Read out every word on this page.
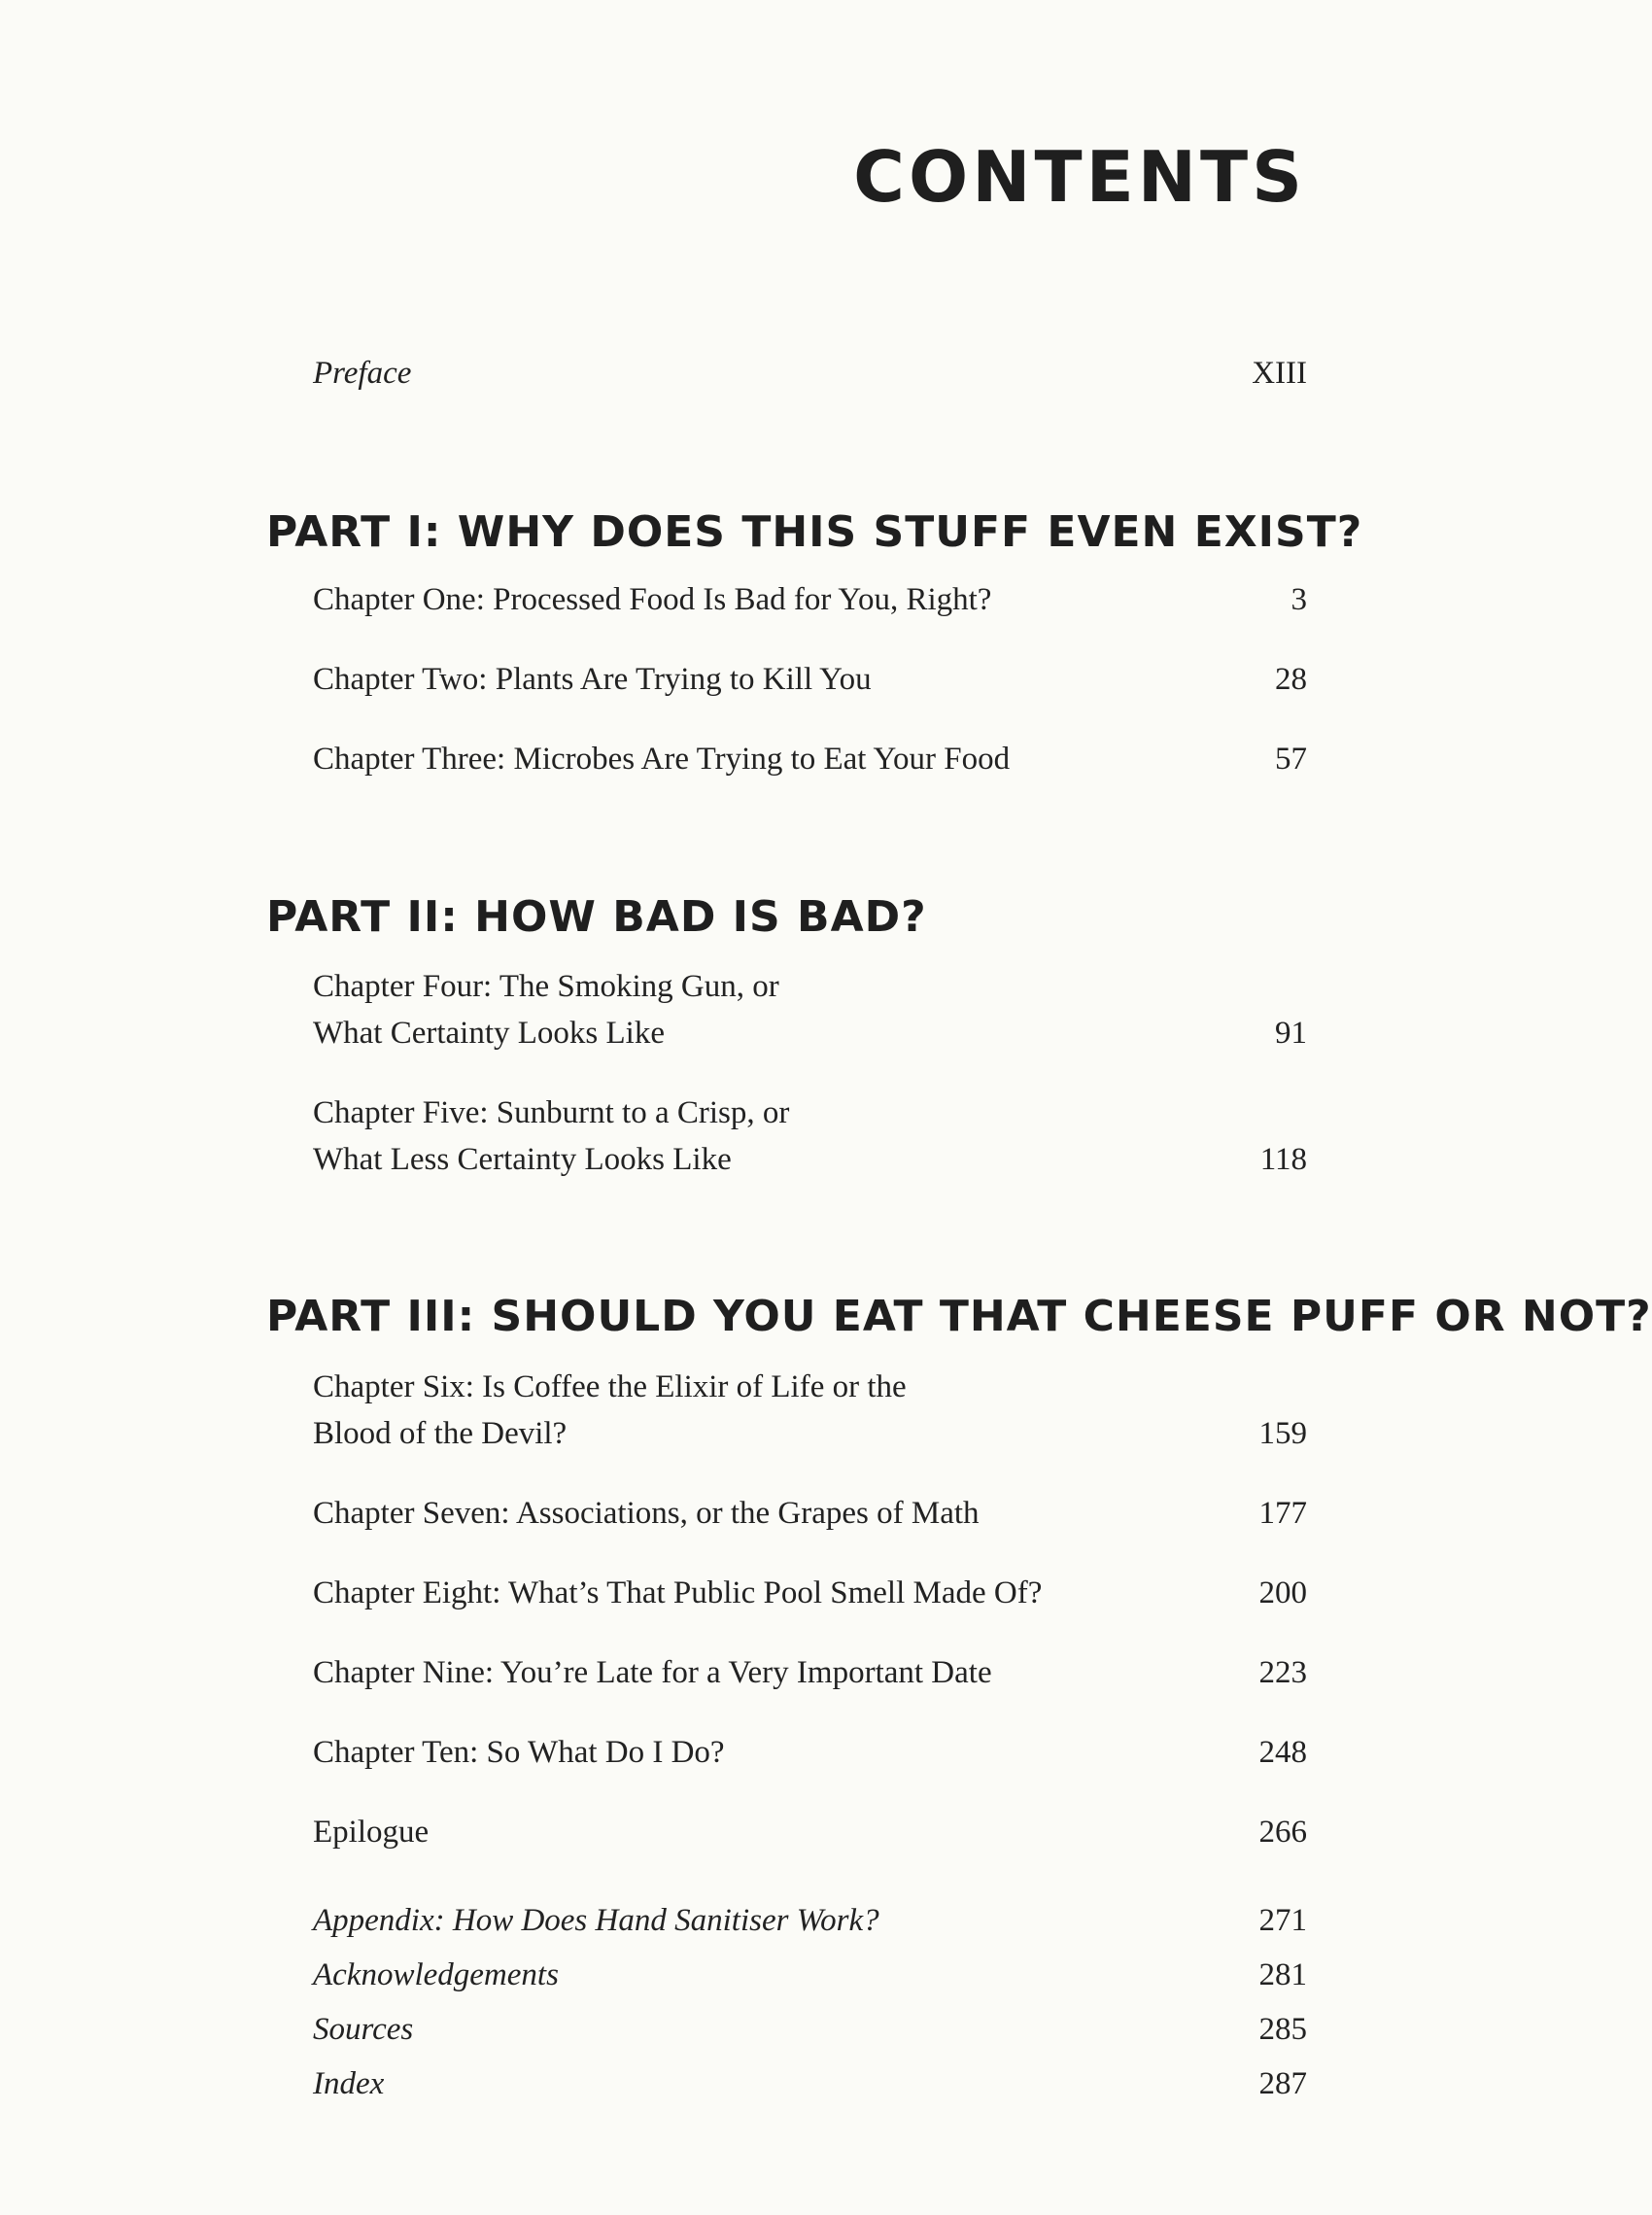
CONTENTS
Preface	XIII
PART I: WHY DOES THIS STUFF EVEN EXIST?
Chapter One: Processed Food Is Bad for You, Right?	3
Chapter Two: Plants Are Trying to Kill You	28
Chapter Three: Microbes Are Trying to Eat Your Food	57
PART II: HOW BAD IS BAD?
Chapter Four: The Smoking Gun, or
What Certainty Looks Like	91
Chapter Five: Sunburnt to a Crisp, or
What Less Certainty Looks Like	118
PART III: SHOULD YOU EAT THAT CHEESE PUFF OR NOT?
Chapter Six: Is Coffee the Elixir of Life or the
Blood of the Devil?	159
Chapter Seven: Associations, or the Grapes of Math	177
Chapter Eight: What’s That Public Pool Smell Made Of?	200
Chapter Nine: You’re Late for a Very Important Date	223
Chapter Ten: So What Do I Do?	248
Epilogue	266
Appendix: How Does Hand Sanitiser Work?	271
Acknowledgements	281
Sources	285
Index	287
